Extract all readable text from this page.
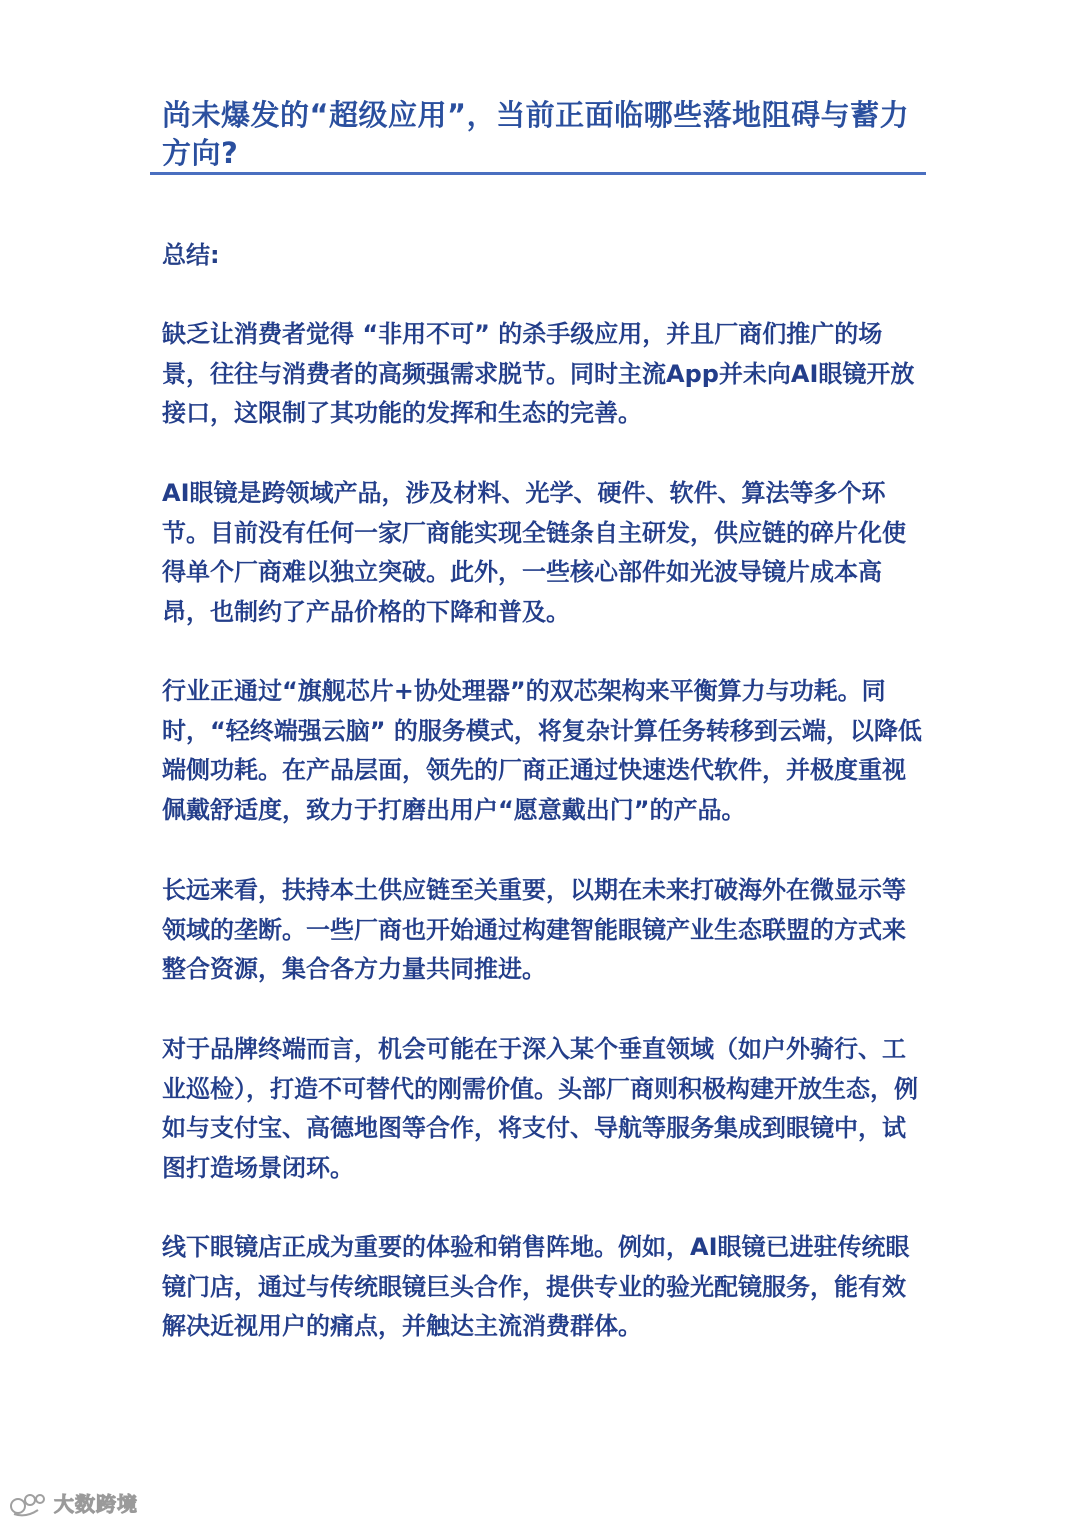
尚未爆发的“超级应用”，当前正面临哪些落地阻碍与蓄力方向?

总结:

缺乏让消费者觉得 “非用不可” 的杀手级应用，并且厂商们推广的场景，往往与消费者的高频强需求脱节。同时主流App并未向AI眼镜开放接口，这限制了其功能的发挥和生态的完善。

AI眼镜是跨领域产品，涉及材料、光学、硬件、软件、算法等多个环节。目前没有任何一家厂商能实现全链条自主研发，供应链的碎片化使得单个厂商难以独立突破。此外，一些核心部件如光波导镜片成本高昂，也制约了产品价格的下降和普及。

行业正通过“旗舰芯片+协处理器”的双芯架构来平衡算力与功耗。同时，“轻终端强云脑” 的服务模式，将复杂计算任务转移到云端，以降低端侧功耗。在产品层面，领先的厂商正通过快速迭代软件，并极度重视佩戴舒适度，致力于打磨出用户“愿意戴出门”的产品。

长远来看，扶持本土供应链至关重要，以期在未来打破海外在微显示等领域的垄断。一些厂商也开始通过构建智能眼镜产业生态联盟的方式来整合资源，集合各方力量共同推进。

对于品牌终端而言，机会可能在于深入某个垂直领域（如户外骑行、工业巡检），打造不可替代的刚需价值。头部厂商则积极构建开放生态，例如与支付宝、高德地图等合作，将支付、导航等服务集成到眼镜中，试图打造场景闭环。

线下眼镜店正成为重要的体验和销售阵地。例如，AI眼镜已进驻传统眼镜门店，通过与传统眼镜巨头合作，提供专业的验光配镜服务，能有效解决近视用户的痛点，并触达主流消费群体。

大数跨境
